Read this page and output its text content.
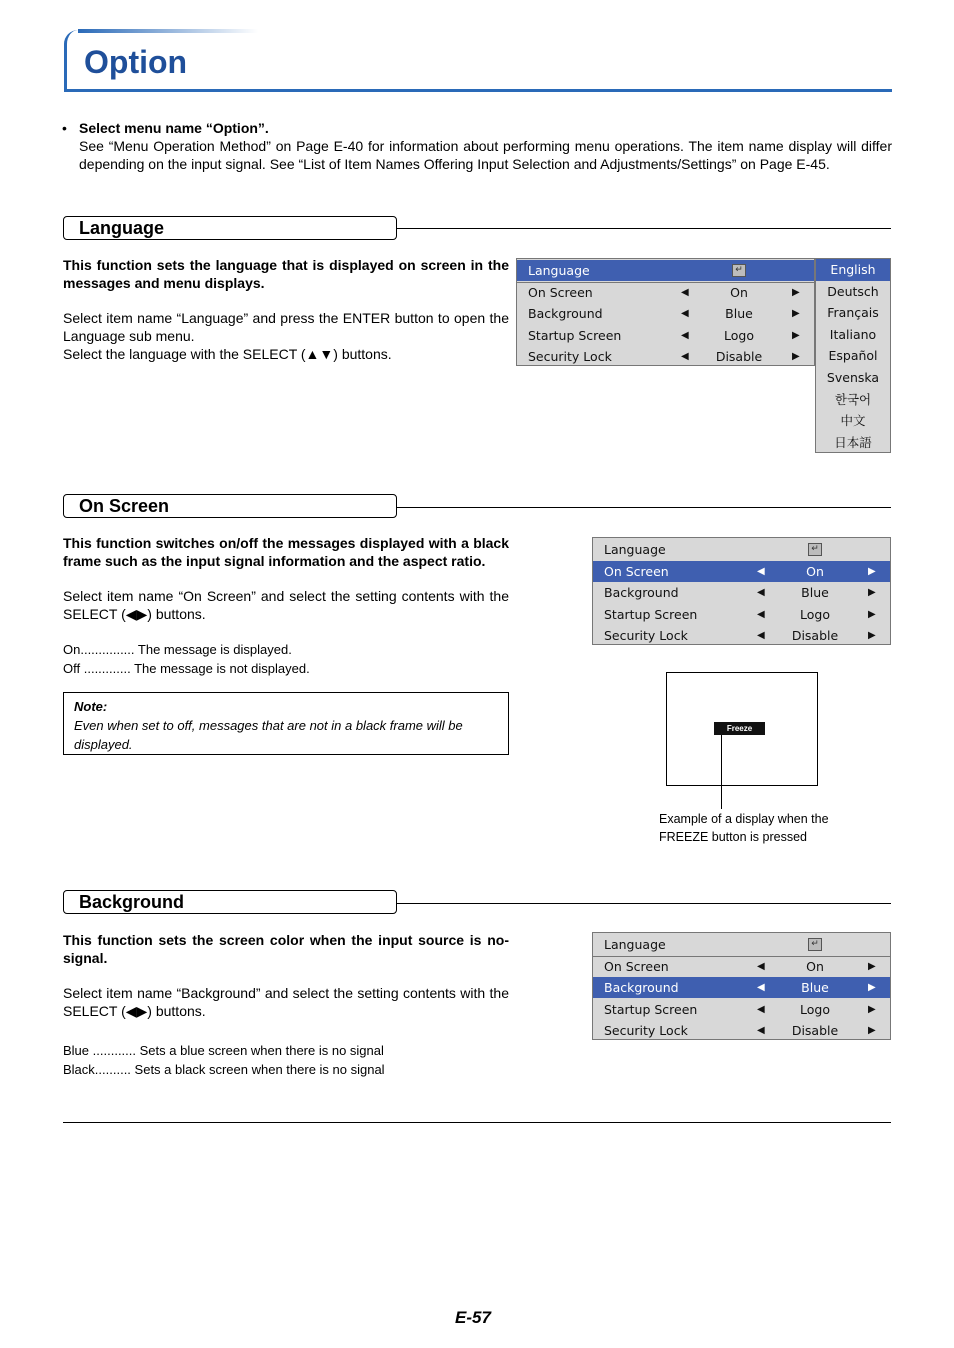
Option
• Select menu name “Option”.
See “Menu Operation Method” on Page E-40 for information about performing menu operations. The item name display will differ depending on the input signal. See “List of Item Names Offering Input Selection and Adjustments/Settings” on Page E-45.
Language
This function sets the language that is displayed on screen in the messages and menu displays.
Select item name “Language” and press the ENTER button to open the Language sub menu.
Select the language with the SELECT (▲▼) buttons.
Language	↵
On Screen	◀	On	▶
Background	◀	Blue	▶
Startup Screen	◀	Logo	▶
Security Lock	◀	Disable	▶
English
Deutsch
Français
Italiano
Español
Svenska
한국어
中文
日本語
On Screen
This function switches on/off the messages displayed with a black frame such as the input signal information and the aspect ratio.
Select item name “On Screen” and select the setting contents with the SELECT (◀▶) buttons.
On............... The message is displayed.
Off ............. The message is not displayed.
Note:
Even when set to off, messages that are not in a black frame will be displayed.
Language	↵
On Screen	◀	On	▶
Background	◀	Blue	▶
Startup Screen	◀	Logo	▶
Security Lock	◀	Disable	▶
Freeze
Example of a display when the
FREEZE button is pressed
Background
This function sets the screen color when the input source is no-signal.
Select item name “Background” and select the setting contents with the SELECT (◀▶) buttons.
Blue ............ Sets a blue screen when there is no signal
Black.......... Sets a black screen when there is no signal
Language	↵
On Screen	◀	On	▶
Background	◀	Blue	▶
Startup Screen	◀	Logo	▶
Security Lock	◀	Disable	▶
E-57
